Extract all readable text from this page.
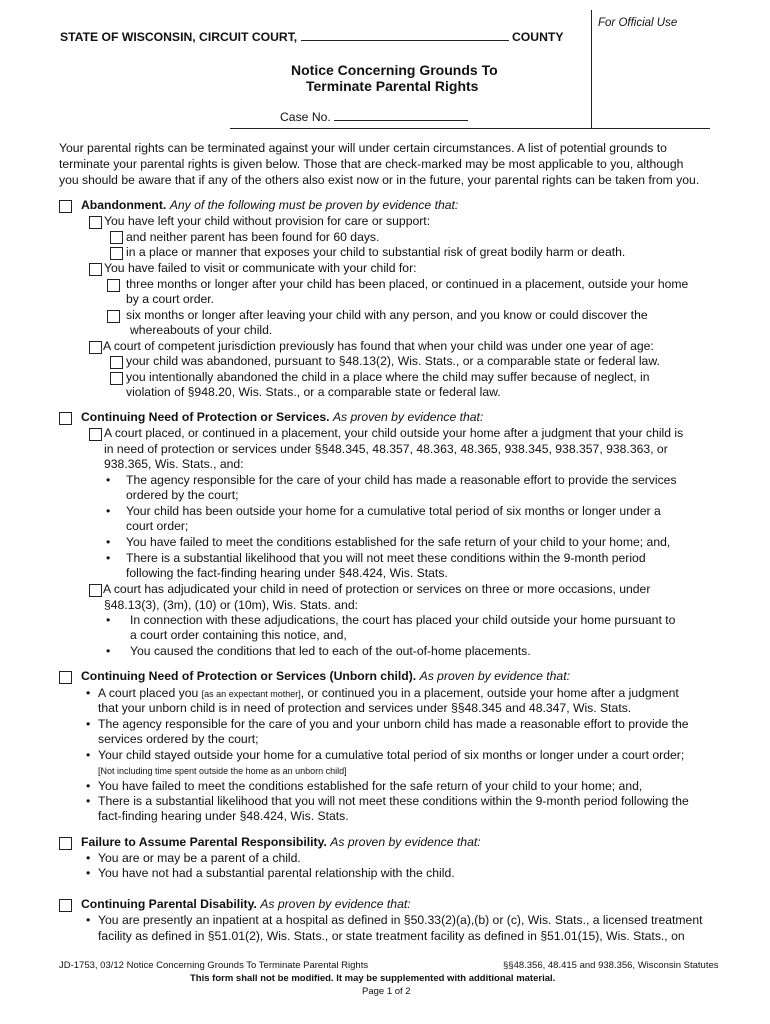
For Official Use
STATE OF WISCONSIN, CIRCUIT COURT,	COUNTY
Notice Concerning Grounds To
Terminate Parental Rights
Case No.
Your parental rights can be terminated against your will under certain circumstances. A list of potential grounds to
terminate your parental rights is given below. Those that are check-marked may be most applicable to you, although
you should be aware that if any of the others also exist now or in the future, your parental rights can be taken from you.
Abandonment. Any of the following must be proven by evidence that:
You have left your child without provision for care or support:
and neither parent has been found for 60 days.
in a place or manner that exposes your child to substantial risk of great bodily harm or death.
You have failed to visit or communicate with your child for:
three months or longer after your child has been placed, or continued in a placement, outside your home
by a court order.
six months or longer after leaving your child with any person, and you know or could discover the
whereabouts of your child.
A court of competent jurisdiction previously has found that when your child was under one year of age:
your child was abandoned, pursuant to §48.13(2), Wis. Stats., or a comparable state or federal law.
you intentionally abandoned the child in a place where the child may suffer because of neglect, in
violation of §948.20, Wis. Stats., or a comparable state or federal law.
Continuing Need of Protection or Services. As proven by evidence that:
A court placed, or continued in a placement, your child outside your home after a judgment that your child is
in need of protection or services under §§48.345, 48.357, 48.363, 48.365, 938.345, 938.357, 938.363, or
938.365, Wis. Stats., and:
• The agency responsible for the care of your child has made a reasonable effort to provide the services
ordered by the court;
• Your child has been outside your home for a cumulative total period of six months or longer under a
court order;
• You have failed to meet the conditions established for the safe return of your child to your home; and,
• There is a substantial likelihood that you will not meet these conditions within the 9-month period
following the fact-finding hearing under §48.424, Wis. Stats.
A court has adjudicated your child in need of protection or services on three or more occasions, under
§48.13(3), (3m), (10) or (10m), Wis. Stats. and:
• In connection with these adjudications, the court has placed your child outside your home pursuant to
a court order containing this notice, and,
• You caused the conditions that led to each of the out-of-home placements.
Continuing Need of Protection or Services (Unborn child). As proven by evidence that:
• A court placed you [as an expectant mother], or continued you in a placement, outside your home after a judgment
that your unborn child is in need of protection and services under §§48.345 and 48.347, Wis. Stats.
• The agency responsible for the care of you and your unborn child has made a reasonable effort to provide the
services ordered by the court;
• Your child stayed outside your home for a cumulative total period of six months or longer under a court order;
[Not including time spent outside the home as an unborn child]
• You have failed to meet the conditions established for the safe return of your child to your home; and,
• There is a substantial likelihood that you will not meet these conditions within the 9-month period following the
fact-finding hearing under §48.424, Wis. Stats.
Failure to Assume Parental Responsibility. As proven by evidence that:
• You are or may be a parent of a child.
• You have not had a substantial parental relationship with the child.
Continuing Parental Disability. As proven by evidence that:
• You are presently an inpatient at a hospital as defined in §50.33(2)(a),(b) or (c), Wis. Stats., a licensed treatment
facility as defined in §51.01(2), Wis. Stats., or state treatment facility as defined in §51.01(15), Wis. Stats., on
JD-1753, 03/12 Notice Concerning Grounds To Terminate Parental Rights	§§48.356, 48.415 and 938.356, Wisconsin Statutes
This form shall not be modified. It may be supplemented with additional material.
Page 1 of 2
